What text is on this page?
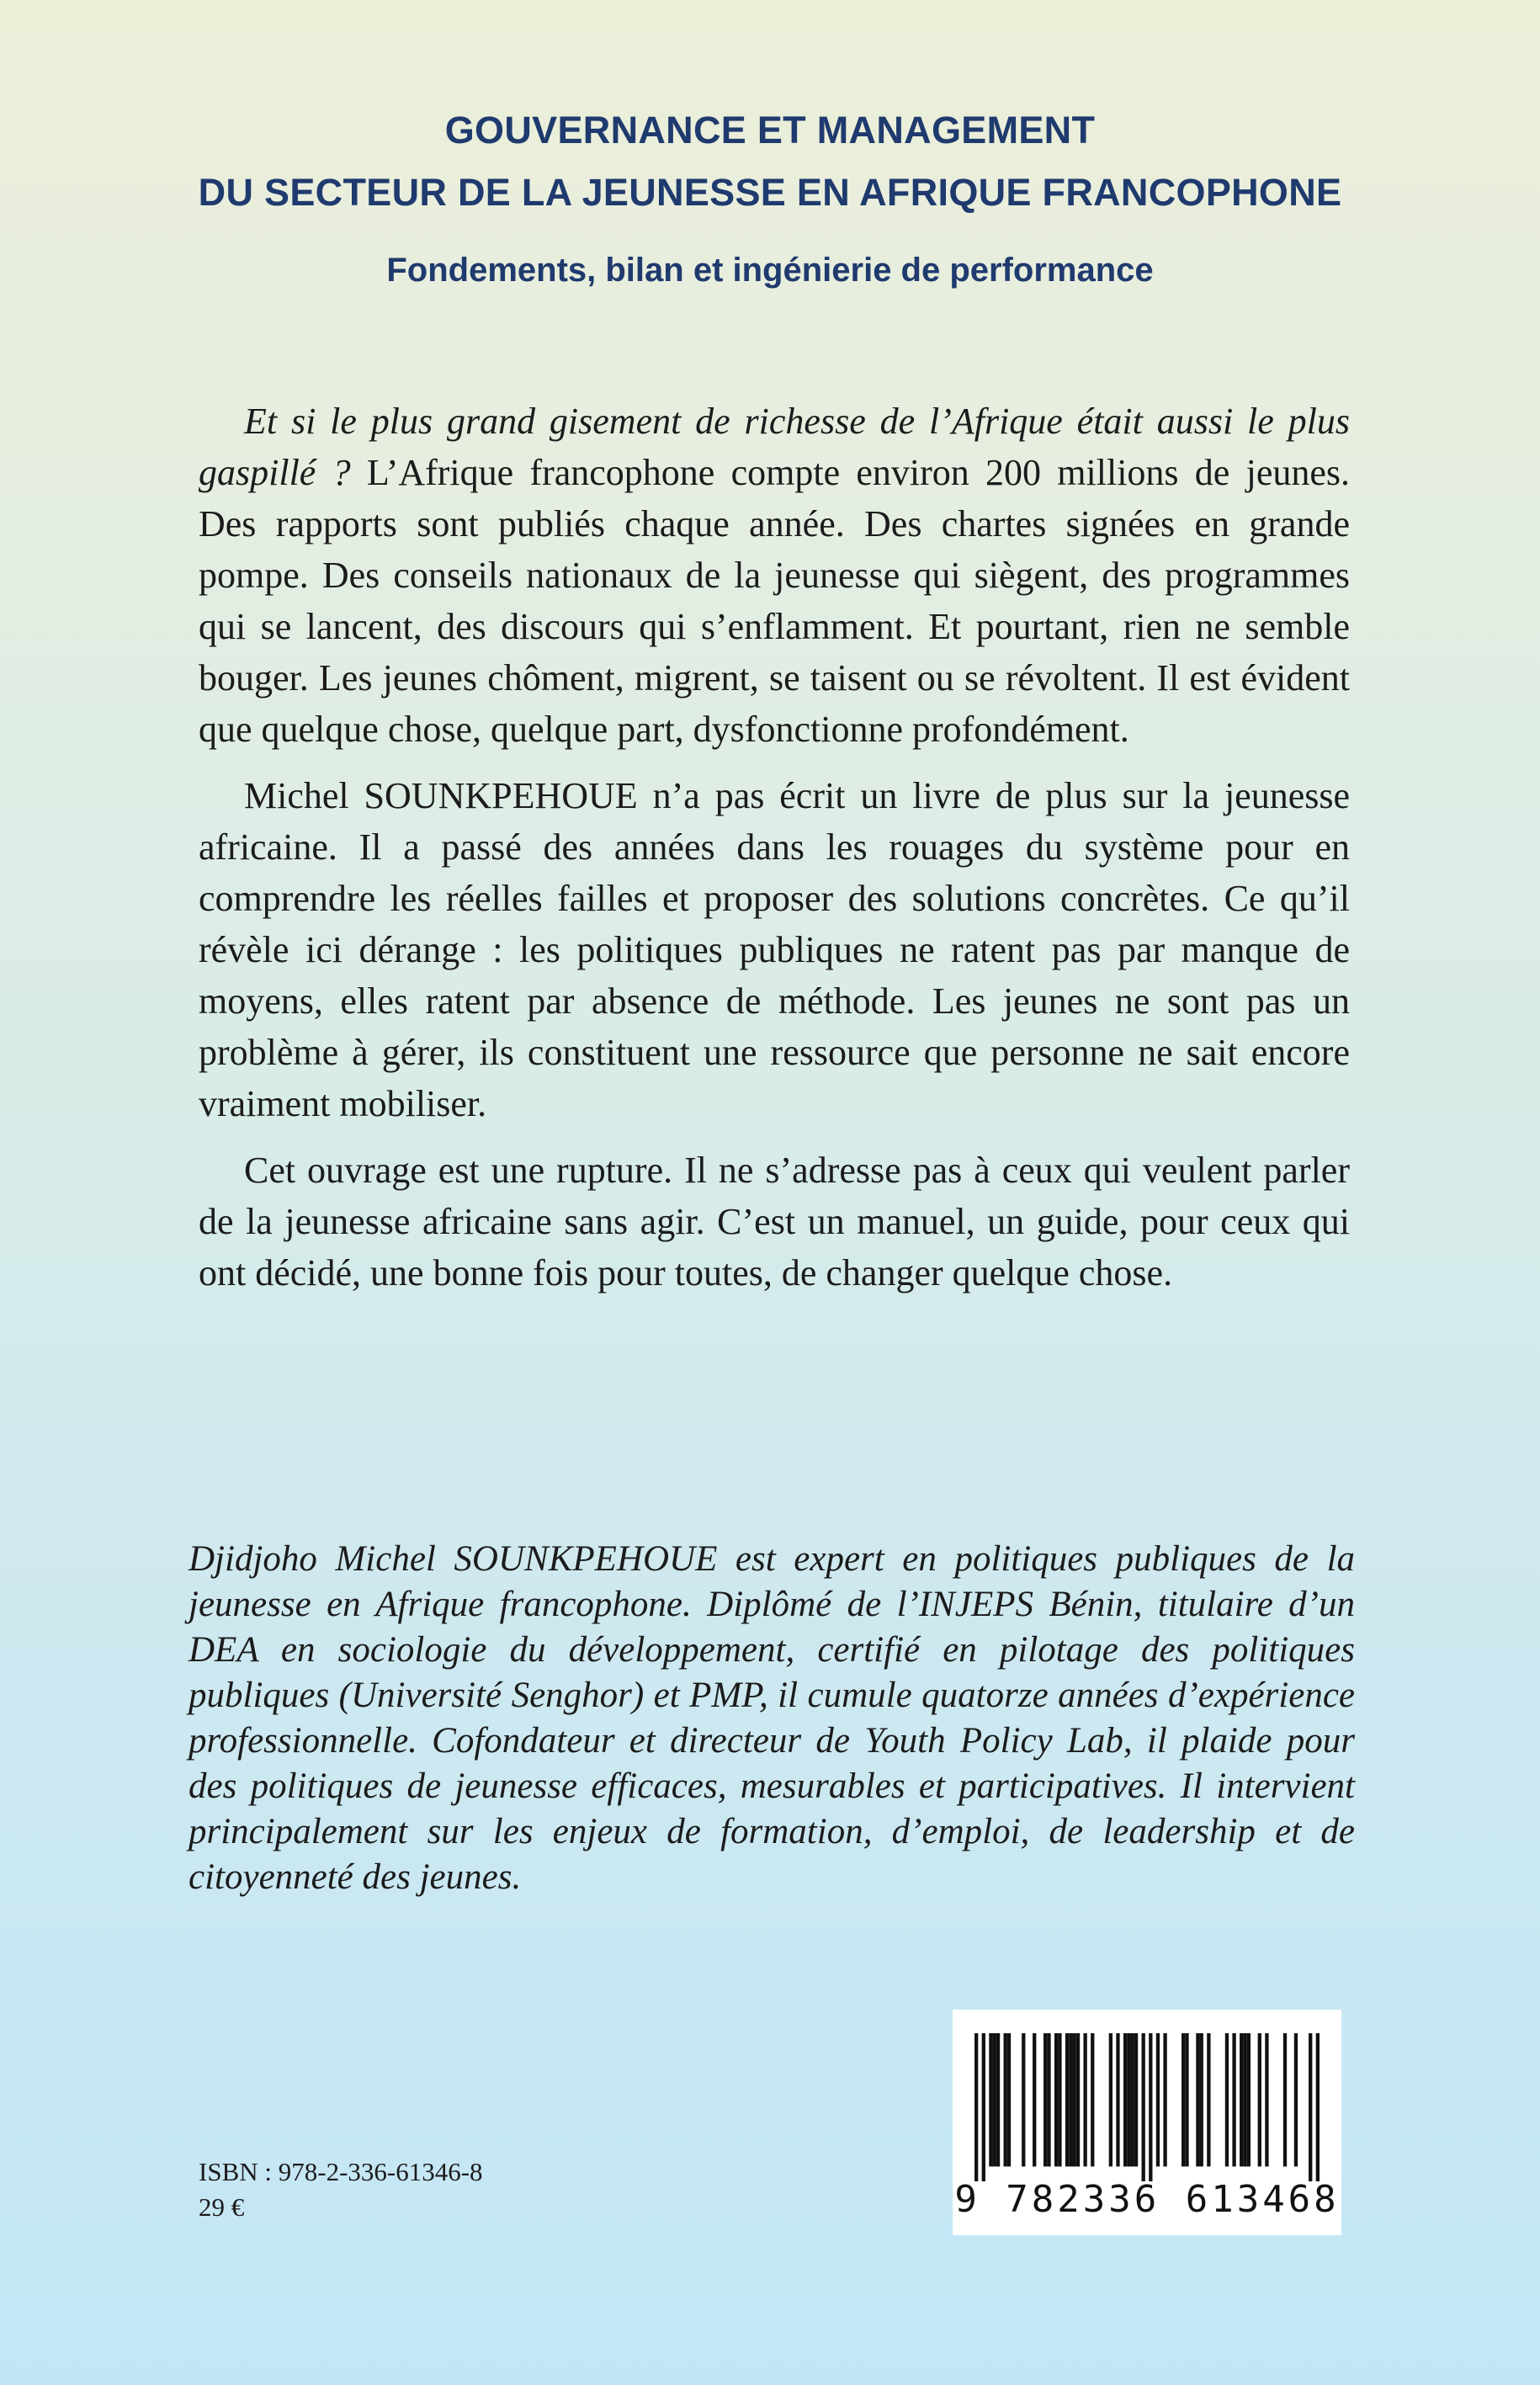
GOUVERNANCE ET MANAGEMENT
DU SECTEUR DE LA JEUNESSE EN AFRIQUE FRANCOPHONE
Fondements, bilan et ingénierie de performance

Et si le plus grand gisement de richesse de l’Afrique était aussi le plus gaspillé ? L’Afrique francophone compte environ 200 millions de jeunes. Des rapports sont publiés chaque année. Des chartes signées en grande pompe. Des conseils nationaux de la jeunesse qui siègent, des programmes qui se lancent, des discours qui s’enflamment. Et pourtant, rien ne semble bouger. Les jeunes chôment, migrent, se taisent ou se révoltent. Il est évident que quelque chose, quelque part, dysfonctionne profondément.

Michel SOUNKPEHOUE n’a pas écrit un livre de plus sur la jeunesse africaine. Il a passé des années dans les rouages du système pour en comprendre les réelles failles et proposer des solutions concrètes. Ce qu’il révèle ici dérange : les politiques publiques ne ratent pas par manque de moyens, elles ratent par absence de méthode. Les jeunes ne sont pas un problème à gérer, ils constituent une ressource que personne ne sait encore vraiment mobiliser.

Cet ouvrage est une rupture. Il ne s’adresse pas à ceux qui veulent parler de la jeunesse africaine sans agir. C’est un manuel, un guide, pour ceux qui ont décidé, une bonne fois pour toutes, de changer quelque chose.

Djidjoho Michel SOUNKPEHOUE est expert en politiques publiques de la jeunesse en Afrique francophone. Diplômé de l’INJEPS Bénin, titulaire d’un DEA en sociologie du développement, certifié en pilotage des politiques publiques (Université Senghor) et PMP, il cumule quatorze années d’expérience professionnelle. Cofondateur et directeur de Youth Policy Lab, il plaide pour des politiques de jeunesse efficaces, mesurables et participatives. Il intervient principalement sur les enjeux de formation, d’emploi, de leadership et de citoyenneté des jeunes.

ISBN : 978-2-336-61346-8
29 €	9 782336 613468
